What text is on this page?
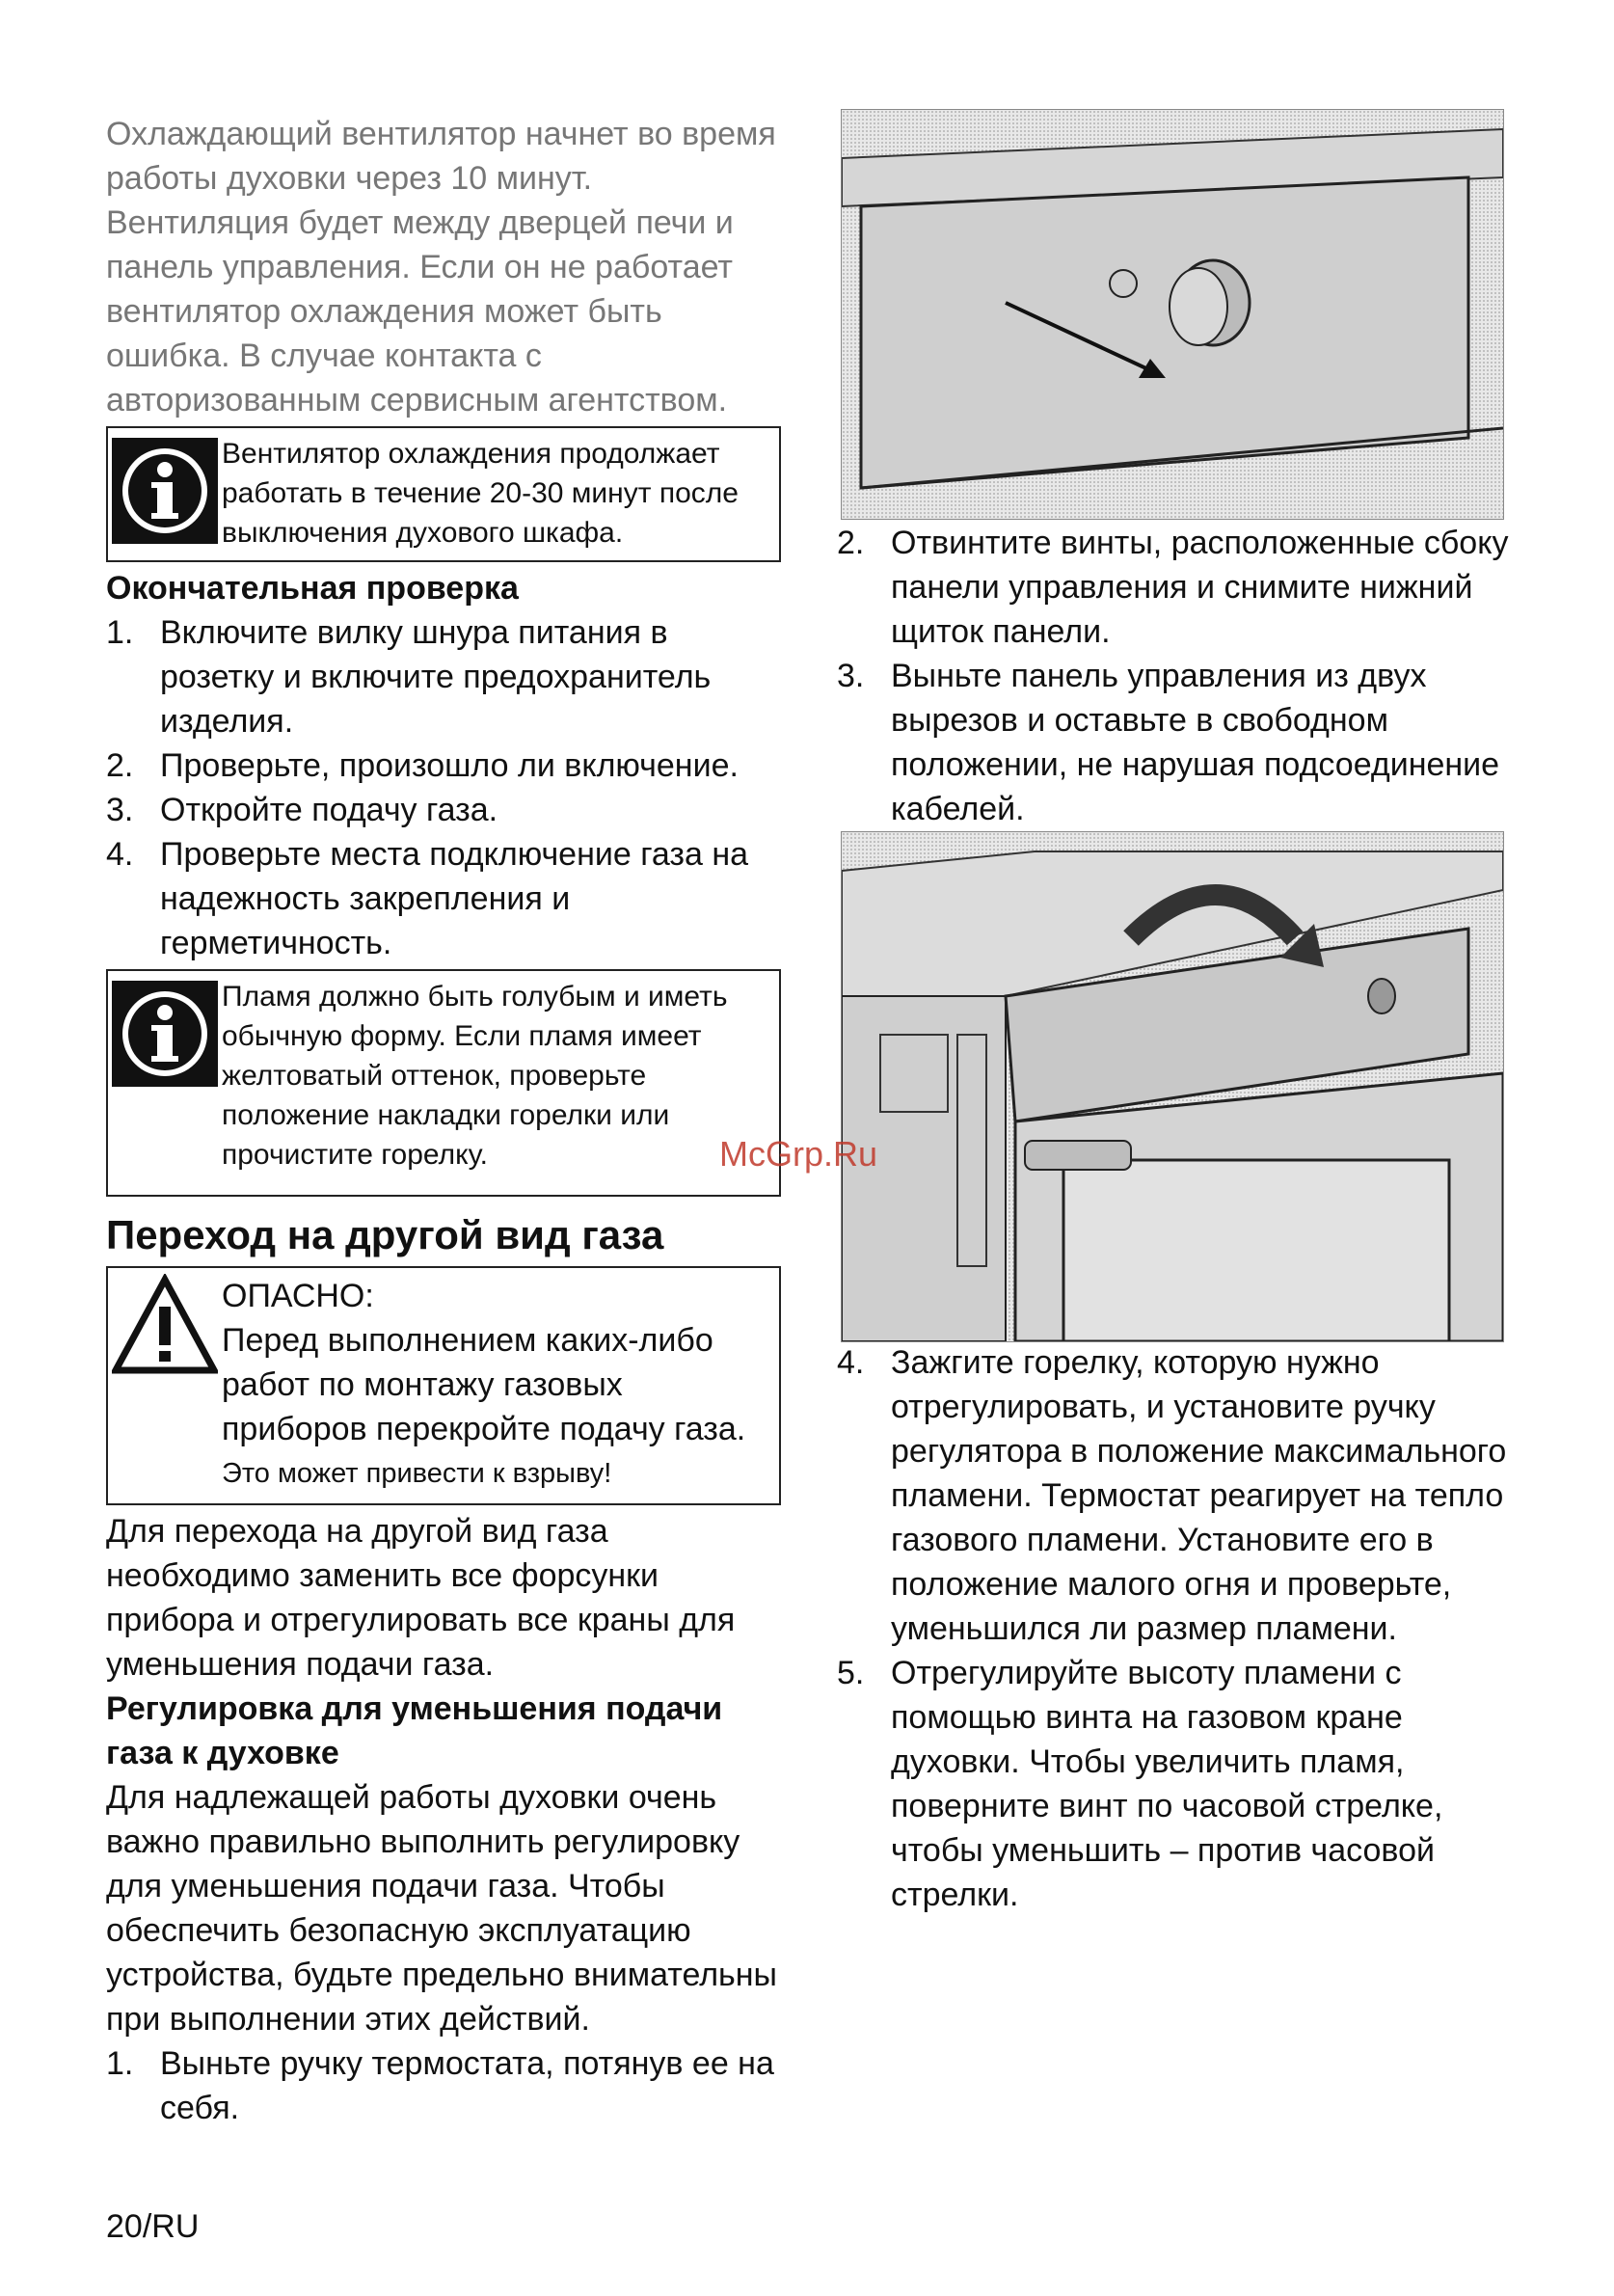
Охлаждающий вентилятор начнет во время работы духовки через 10 минут. Вентиляция будет между дверцей печи и панель управления. Если он не работает вентилятор охлаждения может быть ошибка. В случае контакта с авторизованным сервисным агентством.

Вентилятор охлаждения продолжает работать в течение 20-30 минут после выключения духового шкафа.

Окончательная проверка

1. Включите вилку шнура питания в розетку и включите предохранитель изделия.
2. Проверьте, произошло ли включение.
3. Откройте подачу газа.
4. Проверьте места подключение газа на надежность закрепления и герметичность.

Пламя должно быть голубым и иметь обычную форму. Если пламя имеет желтоватый оттенок, проверьте положение накладки горелки или прочистите горелку.

Переход на другой вид газа

ОПАСНО:

Перед выполнением каких-либо работ по монтажу газовых приборов перекройте подачу газа.

Это может привести к взрыву!

Для перехода на другой вид газа необходимо заменить все форсунки прибора и отрегулировать все краны для уменьшения подачи газа.

Регулировка для уменьшения подачи газа к духовке

Для надлежащей работы духовки очень важно правильно выполнить регулировку для уменьшения подачи газа. Чтобы обеспечить безопасную эксплуатацию устройства, будьте предельно внимательны при выполнении этих действий.

1. Выньте ручку термостата, потянув ее на себя.
2. Отвинтите винты, расположенные сбоку панели управления и снимите нижний щиток панели.
3. Выньте панель управления из двух вырезов и оставьте в свободном положении, не нарушая подсоединение кабелей.
4. Зажгите горелку, которую нужно отрегулировать, и установите ручку регулятора в положение максимального пламени. Термостат реагирует на тепло газового пламени. Установите его в положение малого огня и проверьте, уменьшился ли размер пламени.
5. Отрегулируйте высоту пламени с помощью винта на газовом кране духовки. Чтобы увеличить пламя, поверните винт по часовой стрелке, чтобы уменьшить – против часовой стрелки.
McGrp.Ru
20/RU
